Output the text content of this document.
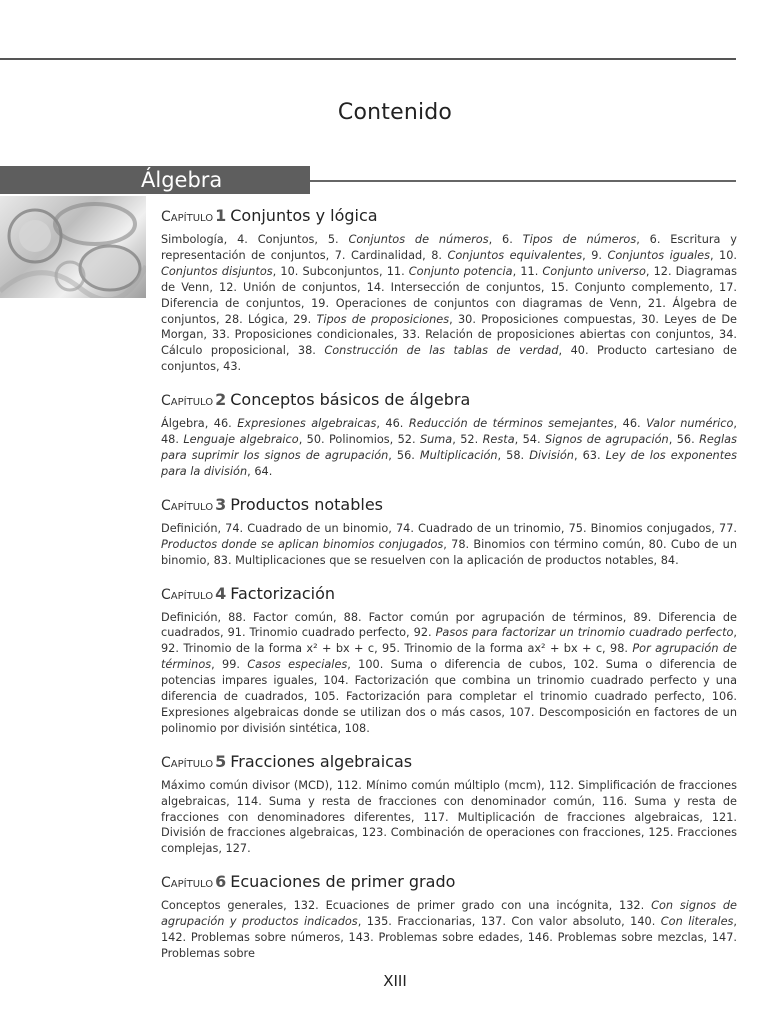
Contenido
Álgebra
Capítulo 1 Conjuntos y lógica
Simbología, 4. Conjuntos, 5. Conjuntos de números, 6. Tipos de números, 6. Escritura y representación de conjuntos, 7. Cardinalidad, 8. Conjuntos equivalentes, 9. Conjuntos iguales, 10. Conjuntos disjuntos, 10. Subconjuntos, 11. Conjunto potencia, 11. Conjunto universo, 12. Diagramas de Venn, 12. Unión de conjuntos, 14. Intersección de conjuntos, 15. Conjunto complemento, 17. Diferencia de conjuntos, 19. Operaciones de conjuntos con diagramas de Venn, 21. Álgebra de conjuntos, 28. Lógica, 29. Tipos de proposiciones, 30. Proposiciones compuestas, 30. Leyes de De Morgan, 33. Proposiciones condicionales, 33. Relación de proposiciones abiertas con conjuntos, 34. Cálculo proposicional, 38. Construcción de las tablas de verdad, 40. Producto cartesiano de conjuntos, 43.
Capítulo 2 Conceptos básicos de álgebra
Álgebra, 46. Expresiones algebraicas, 46. Reducción de términos semejantes, 46. Valor numérico, 48. Lenguaje algebraico, 50. Polinomios, 52. Suma, 52. Resta, 54. Signos de agrupación, 56. Reglas para suprimir los signos de agrupación, 56. Multiplicación, 58. División, 63. Ley de los exponentes para la división, 64.
Capítulo 3 Productos notables
Definición, 74. Cuadrado de un binomio, 74. Cuadrado de un trinomio, 75. Binomios conjugados, 77. Productos donde se aplican binomios conjugados, 78. Binomios con término común, 80. Cubo de un binomio, 83. Multiplicaciones que se resuelven con la aplicación de productos notables, 84.
Capítulo 4 Factorización
Definición, 88. Factor común, 88. Factor común por agrupación de términos, 89. Diferencia de cuadrados, 91. Trinomio cuadrado perfecto, 92. Pasos para factorizar un trinomio cuadrado perfecto, 92. Trinomio de la forma x² + bx + c, 95. Trinomio de la forma ax² + bx + c, 98. Por agrupación de términos, 99. Casos especiales, 100. Suma o diferencia de cubos, 102. Suma o diferencia de potencias impares iguales, 104. Factorización que combina un trinomio cuadrado perfecto y una diferencia de cuadrados, 105. Factorización para completar el trinomio cuadrado perfecto, 106. Expresiones algebraicas donde se utilizan dos o más casos, 107. Descomposición en factores de un polinomio por división sintética, 108.
Capítulo 5 Fracciones algebraicas
Máximo común divisor (MCD), 112. Mínimo común múltiplo (mcm), 112. Simplificación de fracciones algebraicas, 114. Suma y resta de fracciones con denominador común, 116. Suma y resta de fracciones con denominadores diferentes, 117. Multiplicación de fracciones algebraicas, 121. División de fracciones algebraicas, 123. Combinación de operaciones con fracciones, 125. Fracciones complejas, 127.
Capítulo 6 Ecuaciones de primer grado
Conceptos generales, 132. Ecuaciones de primer grado con una incógnita, 132. Con signos de agrupación y productos indicados, 135. Fraccionarias, 137. Con valor absoluto, 140. Con literales, 142. Problemas sobre números, 143. Problemas sobre edades, 146. Problemas sobre mezclas, 147. Problemas sobre
XIII
